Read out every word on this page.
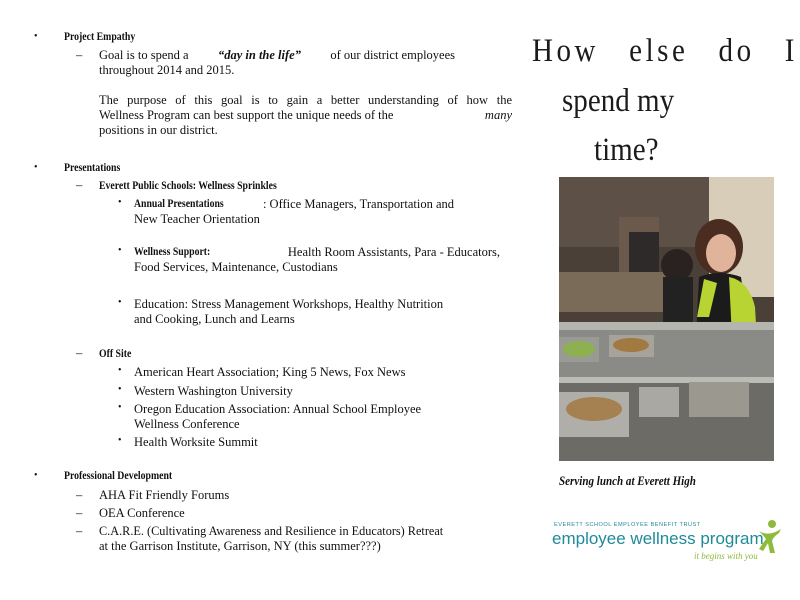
• Project Empathy
– Goal is to spend a “day in the life” of our district employees
throughout 2014 and 2015.
The purpose of this goal is to gain a better understanding of how the
Wellness Program can best support the unique needs of the	many
positions in our district.
• Presentations
– Everett Public Schools: Wellness Sprinkles
• Annual Presentations	: Office Managers, Transportation and
New Teacher Orientation
• Wellness Support:	Health Room Assistants, Para - Educators,
Food Services, Maintenance, Custodians
• Education: Stress Management Workshops, Healthy Nutrition
and Cooking, Lunch and Learns
– Off Site
• American Heart Association; King 5 News, Fox News
• Western Washington University
• Oregon Education Association: Annual School Employee
Wellness Conference
• Health Worksite Summit
• Professional Development
– AHA Fit Friendly Forums
– OEA Conference
– C.A.R.E. (Cultivating Awareness and Resilience in Educators) Retreat
at the Garrison Institute, Garrison, NY (this summer???)
How else do I
spend my
time?
Serving lunch at Everett High
EVERETT SCHOOL EMPLOYEE BENEFIT TRUST
employee wellness program
it begins with you
